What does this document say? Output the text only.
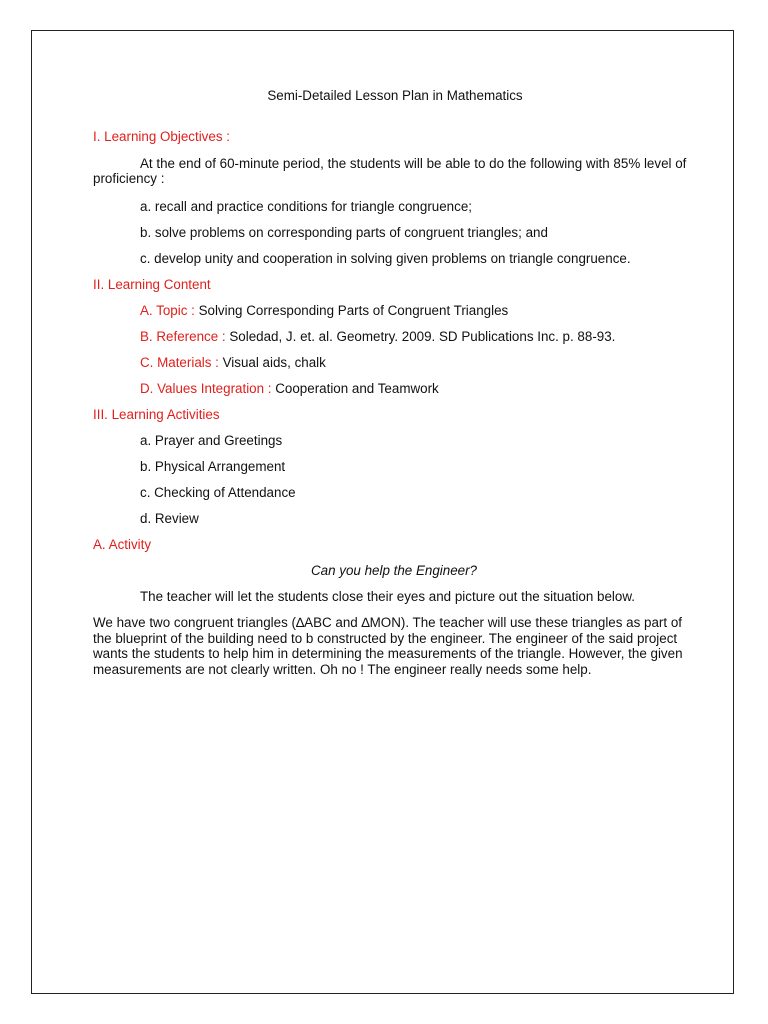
Semi-Detailed Lesson Plan in Mathematics

I. Learning Objectives :

At the end of 60-minute period, the students will be able to do the following with 85% level of proficiency :

a. recall and practice conditions for triangle congruence;

b. solve problems on corresponding parts of congruent triangles; and

c. develop unity and cooperation in solving given problems on triangle congruence.

II. Learning Content

A. Topic : Solving Corresponding Parts of Congruent Triangles

B. Reference : Soledad, J. et. al. Geometry. 2009. SD Publications Inc. p. 88-93.

C. Materials : Visual aids, chalk

D. Values Integration : Cooperation and Teamwork

III. Learning Activities

a. Prayer and Greetings

b. Physical Arrangement

c. Checking of Attendance

d. Review

A. Activity

Can you help the Engineer?

The teacher will let the students close their eyes and picture out the situation below.

We have two congruent triangles (∆ABC and ∆MON). The teacher will use these triangles as part of the blueprint of the building need to b constructed by the engineer. The engineer of the said project wants the students to help him in determining the measurements of the triangle. However, the given measurements are not clearly written. Oh no ! The engineer really needs some help.
